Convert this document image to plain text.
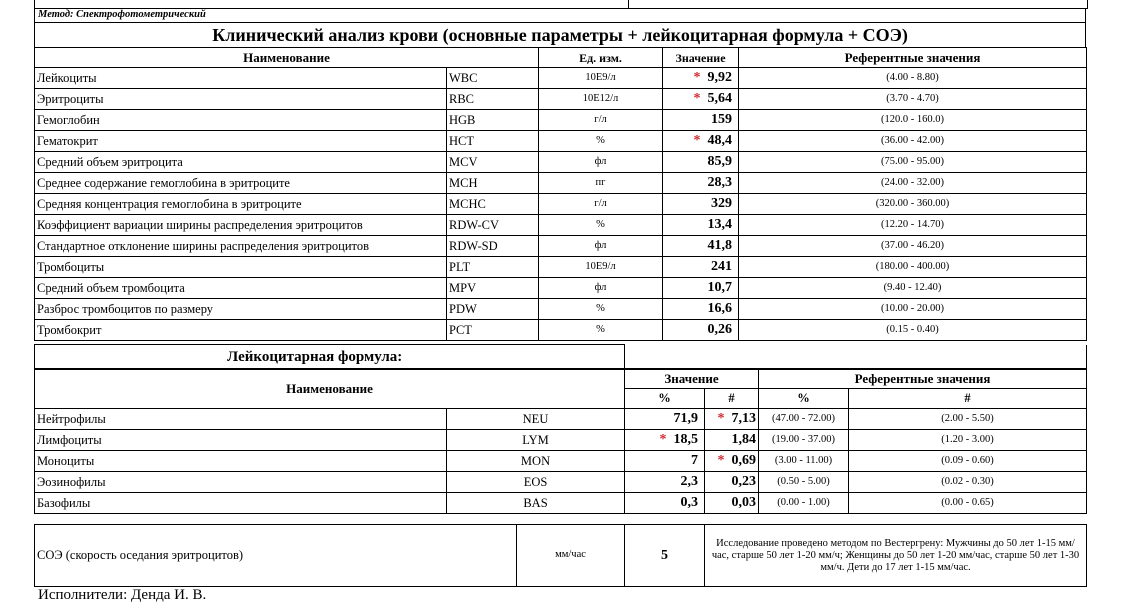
Метод: Спектрофотометрический
Клинический анализ крови (основные параметры + лейкоцитарная формула + СОЭ)
Наименование		Ед. изм.	Значение	Референтные значения
Лейкоциты	WBC	10E9/л	* 9,92	(4.00 - 8.80)
Эритроциты	RBC	10E12/л	* 5,64	(3.70 - 4.70)
Гемоглобин	HGB	г/л	159	(120.0 - 160.0)
Гематокрит	HCT	%	* 48,4	(36.00 - 42.00)
Средний объем эритроцита	MCV	фл	85,9	(75.00 - 95.00)
Среднее содержание гемоглобина в эритроците	MCH	пг	28,3	(24.00 - 32.00)
Средняя концентрация гемоглобина в эритроците	MCHC	г/л	329	(320.00 - 360.00)
Коэффициент вариации ширины распределения эритроцитов	RDW-CV	%	13,4	(12.20 - 14.70)
Стандартное отклонение ширины распределения эритроцитов	RDW-SD	фл	41,8	(37.00 - 46.20)
Тромбоциты	PLT	10E9/л	241	(180.00 - 400.00)
Средний объем тромбоцита	MPV	фл	10,7	(9.40 - 12.40)
Разброс тромбоцитов по размеру	PDW	%	16,6	(10.00 - 20.00)
Тромбокрит	PCT	%	0,26	(0.15 - 0.40)
Лейкоцитарная формула:	
Наименование		Значение		Референтные значения	
		%	#	%	#
Нейтрофилы	NEU	71,9	* 7,13	(47.00 - 72.00)	(2.00 - 5.50)
Лимфоциты	LYM	* 18,5	1,84	(19.00 - 37.00)	(1.20 - 3.00)
Моноциты	MON	7	* 0,69	(3.00 - 11.00)	(0.09 - 0.60)
Эозинофилы	EOS	2,3	0,23	(0.50 - 5.00)	(0.02 - 0.30)
Базофилы	BAS	0,3	0,03	(0.00 - 1.00)	(0.00 - 0.65)
СОЭ (скорость оседания эритроцитов)	мм/час	5	Исследование проведено методом по Вестергрену: Мужчины до 50 лет 1-15 мм/час, старше 50 лет 1-20 мм/ч; Женщины до 50 лет 1-20 мм/час, старше 50 лет 1-30 мм/ч. Дети до 17 лет 1-15 мм/час.
Исполнители: Денда И. В.
